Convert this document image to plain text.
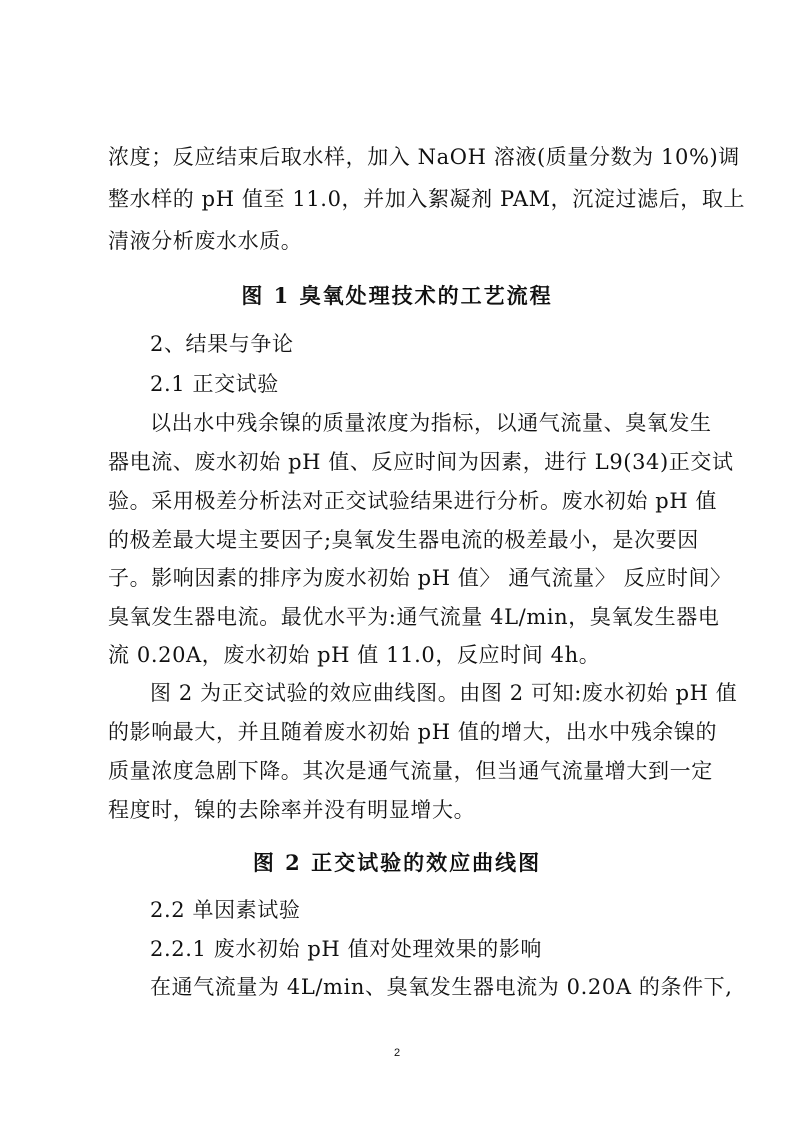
浓度；反应结束后取水样，加入 NaOH 溶液(质量分数为 10%)调
整水样的 pH 值至 11.0，并加入絮凝剂 PAM，沉淀过滤后，取上
清液分析废水水质。
图 1 臭氧处理技术的工艺流程
2、结果与争论
2.1 正交试验
以出水中残余镍的质量浓度为指标，以通气流量、臭氧发生
器电流、废水初始 pH 值、反应时间为因素，进行 L9(34)正交试
验。采用极差分析法对正交试验结果进行分析。废水初始 pH 值
的极差最大堤主要因子;臭氧发生器电流的极差最小，是次要因
子。影响因素的排序为废水初始 pH 值〉 通气流量〉 反应时间〉
臭氧发生器电流。最优水平为:通气流量 4L/min，臭氧发生器电
流 0.20A，废水初始 pH 值 11.0，反应时间 4h。
图 2 为正交试验的效应曲线图。由图 2 可知:废水初始 pH 值
的影响最大，并且随着废水初始 pH 值的增大，出水中残余镍的
质量浓度急剧下降。其次是通气流量，但当通气流量增大到一定
程度时，镍的去除率并没有明显增大。
图 2 正交试验的效应曲线图
2.2 单因素试验
2.2.1 废水初始 pH 值对处理效果的影响
在通气流量为 4L/min、臭氧发生器电流为 0.20A 的条件下,
2
